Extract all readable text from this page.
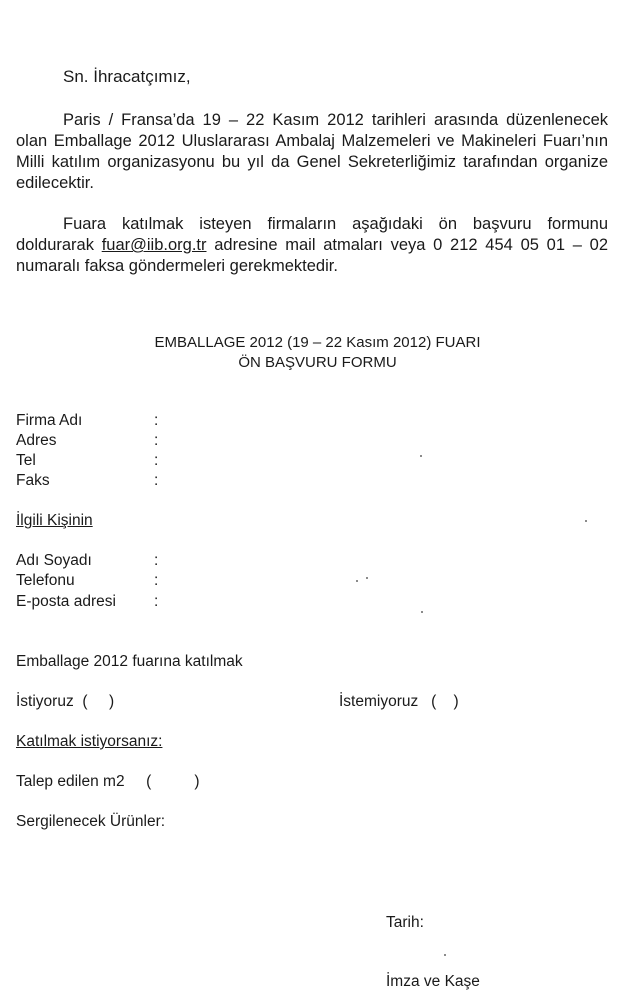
Sn. İhracatçımız,
Paris / Fransa’da 19 – 22 Kasım 2012 tarihleri arasında düzenlenecek olan Emballage 2012 Uluslararası Ambalaj Malzemeleri ve Makineleri Fuarı’nın Milli katılım organizasyonu bu yıl da Genel Sekreterliğimiz tarafından organize edilecektir.
Fuara katılmak isteyen firmaların aşağıdaki ön başvuru formunu doldurarak fuar@iib.org.tr adresine mail atmaları veya 0 212 454 05 01 – 02 numaralı faksa göndermeleri gerekmektedir.
EMBALLAGE 2012 (19 – 22 Kasım 2012) FUARI
ÖN BAŞVURU FORMU
Firma Adı	:
Adres	:
Tel	:
Faks	:
İlgili Kişinin
Adı Soyadı	:
Telefonu	:
E-posta adresi :
Emballage 2012 fuarına katılmak
İstiyoruz  (     )	İstemiyoruz   (    )
Katılmak istiyorsanız:
Talep edilen m2     (          )
Sergilenecek Ürünler:
Tarih:
İmza ve Kaşe
